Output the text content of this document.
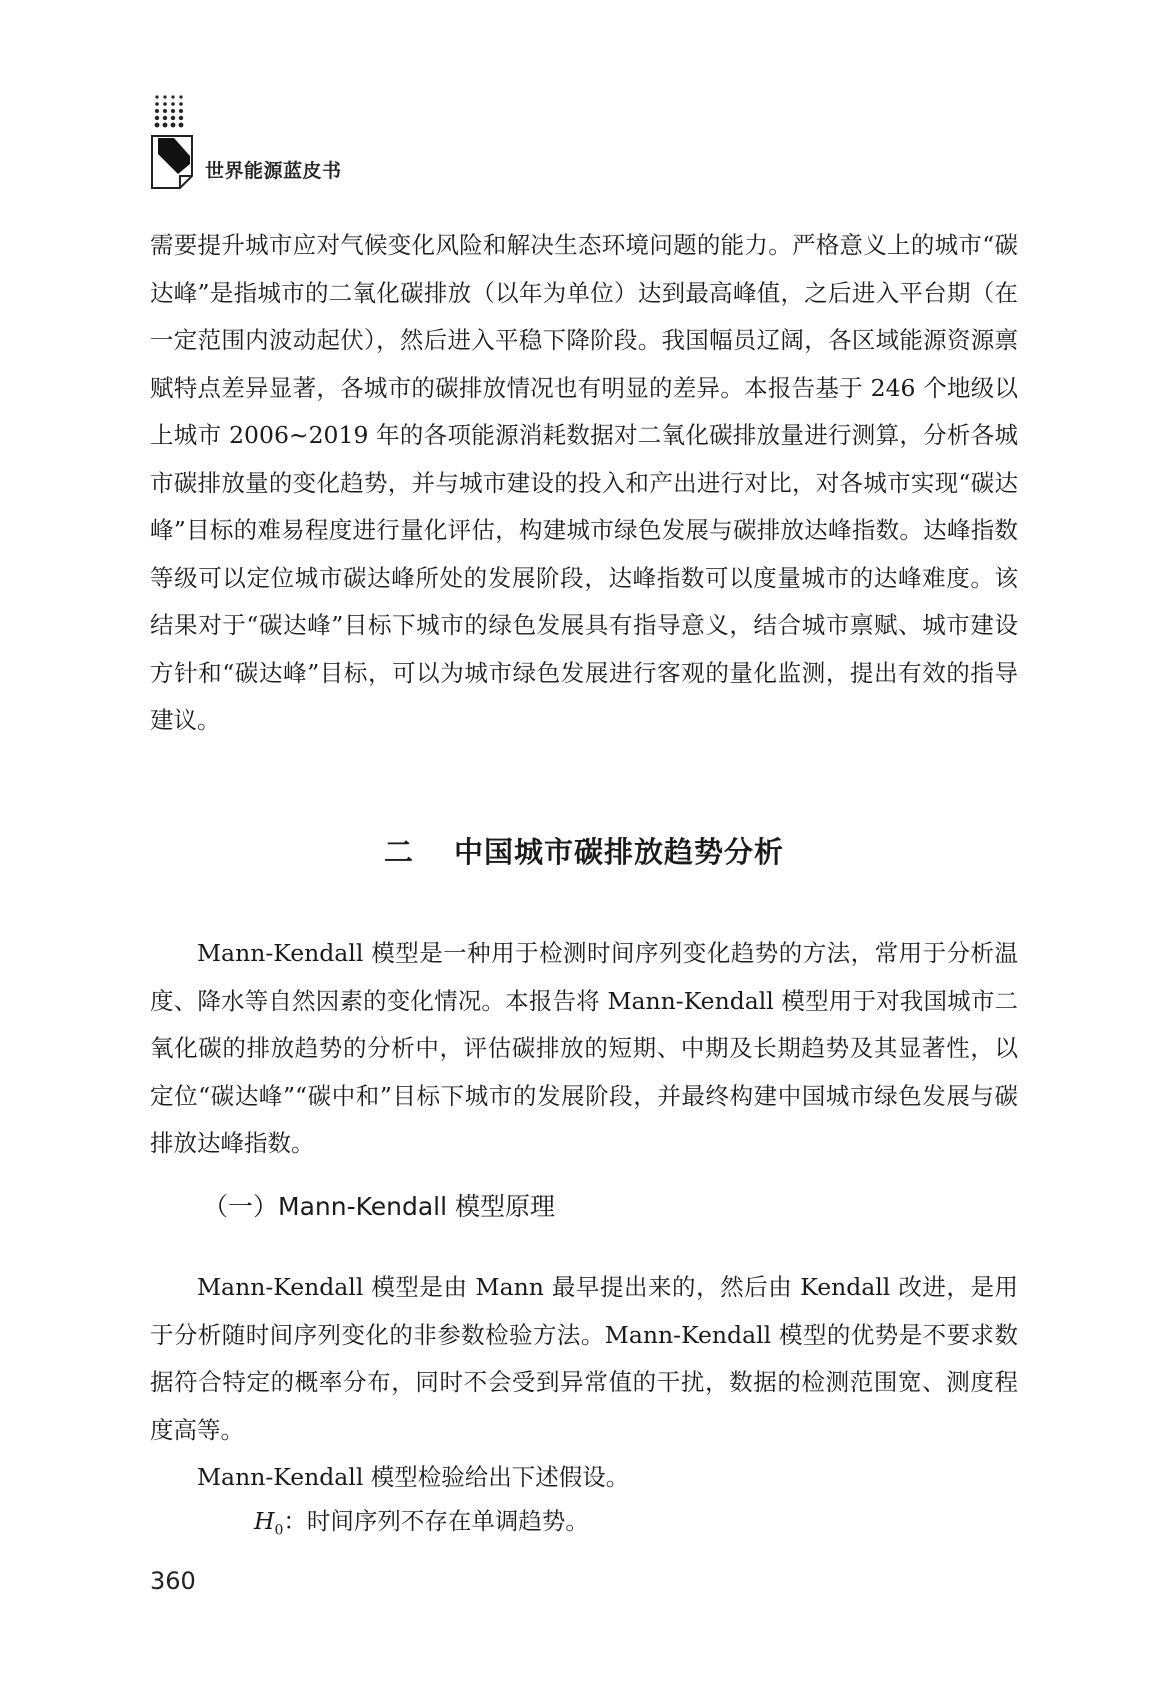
世界能源蓝皮书

需要提升城市应对气候变化风险和解决生态环境问题的能力。严格意义上的城市“碳达峰”是指城市的二氧化碳排放（以年为单位）达到最高峰值，之后进入平台期（在一定范围内波动起伏），然后进入平稳下降阶段。我国幅员辽阔，各区域能源资源禀赋特点差异显著，各城市的碳排放情况也有明显的差异。本报告基于 246 个地级以上城市 2006~2019 年的各项能源消耗数据对二氧化碳排放量进行测算，分析各城市碳排放量的变化趋势，并与城市建设的投入和产出进行对比，对各城市实现“碳达峰”目标的难易程度进行量化评估，构建城市绿色发展与碳排放达峰指数。达峰指数等级可以定位城市碳达峰所处的发展阶段，达峰指数可以度量城市的达峰难度。该结果对于“碳达峰”目标下城市的绿色发展具有指导意义，结合城市禀赋、城市建设方针和“碳达峰”目标，可以为城市绿色发展进行客观的量化监测，提出有效的指导建议。

二 中国城市碳排放趋势分析

Mann-Kendall 模型是一种用于检测时间序列变化趋势的方法，常用于分析温度、降水等自然因素的变化情况。本报告将 Mann-Kendall 模型用于对我国城市二氧化碳的排放趋势的分析中，评估碳排放的短期、中期及长期趋势及其显著性，以定位“碳达峰”“碳中和”目标下城市的发展阶段，并最终构建中国城市绿色发展与碳排放达峰指数。

（一）Mann-Kendall 模型原理

Mann-Kendall 模型是由 Mann 最早提出来的，然后由 Kendall 改进，是用于分析随时间序列变化的非参数检验方法。Mann-Kendall 模型的优势是不要求数据符合特定的概率分布，同时不会受到异常值的干扰，数据的检测范围宽、测度程度高等。

Mann-Kendall 模型检验给出下述假设。

$H_0$：时间序列不存在单调趋势。
360
